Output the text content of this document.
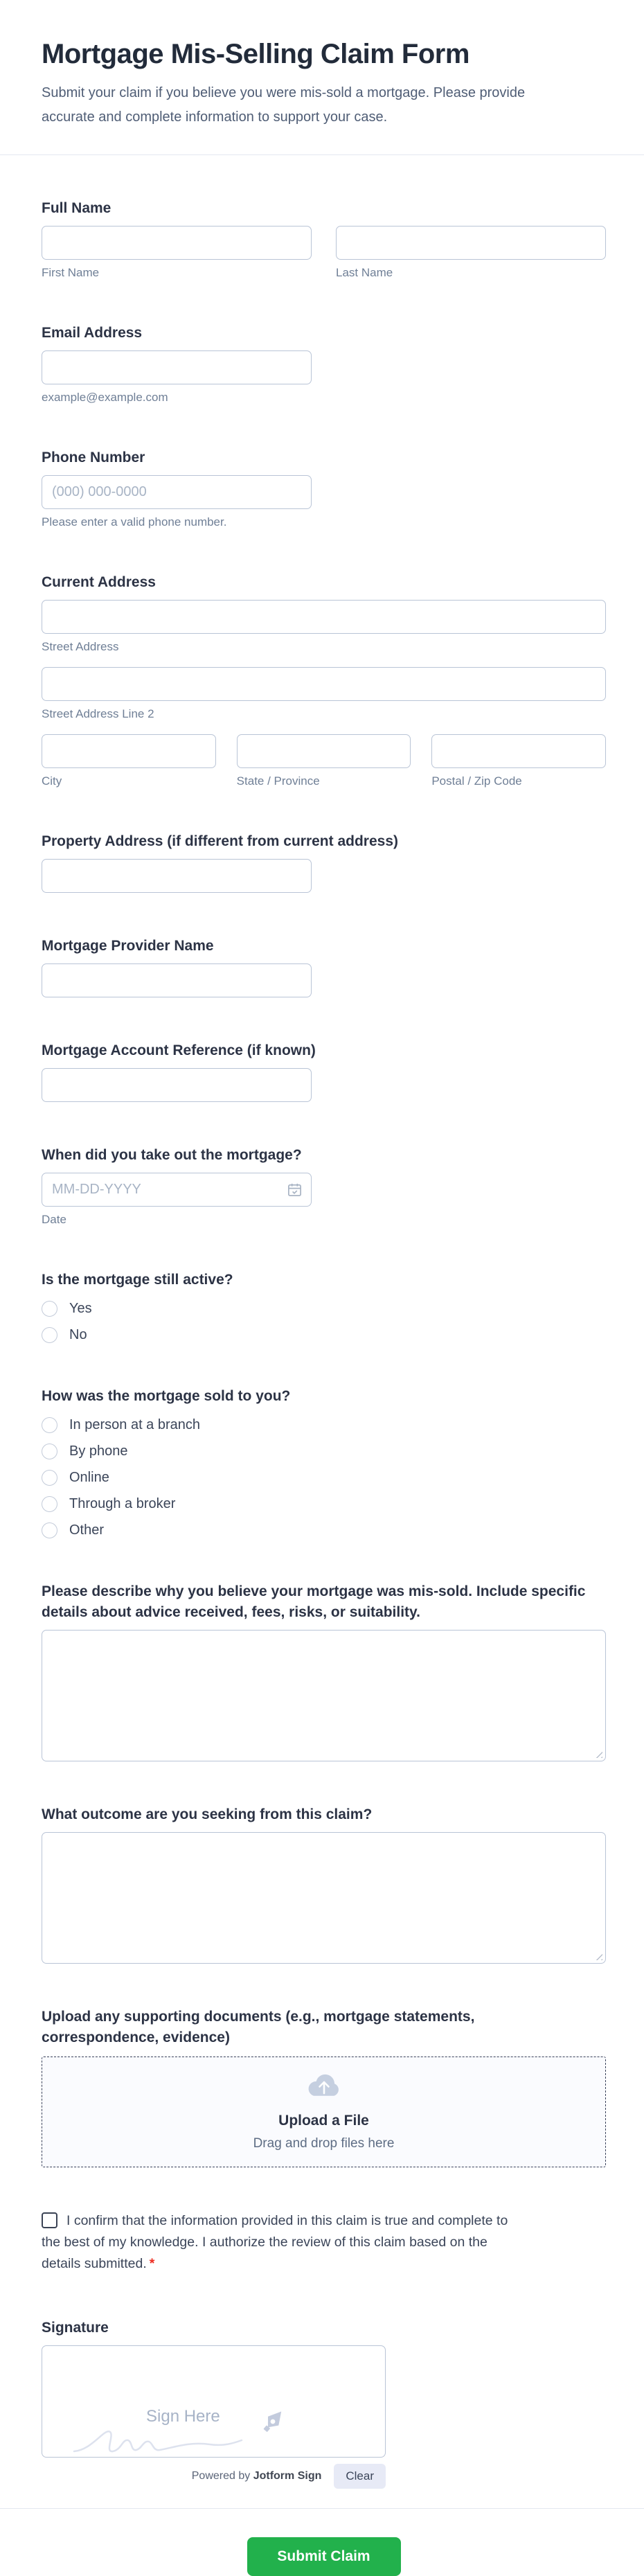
Mortgage Mis-Selling Claim Form
Submit your claim if you believe you were mis-sold a mortgage. Please provide accurate and complete information to support your case.
Full Name
First Name	Last Name
Email Address
example@example.com
Phone Number
(000) 000-0000
Please enter a valid phone number.
Current Address
Street Address
Street Address Line 2
City	State / Province	Postal / Zip Code
Property Address (if different from current address)
Mortgage Provider Name
Mortgage Account Reference (if known)
When did you take out the mortgage?
MM-DD-YYYY
Date
Is the mortgage still active?
Yes
No
How was the mortgage sold to you?
In person at a branch
By phone
Online
Through a broker
Other
Please describe why you believe your mortgage was mis-sold. Include specific details about advice received, fees, risks, or suitability.
What outcome are you seeking from this claim?
Upload any supporting documents (e.g., mortgage statements, correspondence, evidence)
Upload a File
Drag and drop files here
I confirm that the information provided in this claim is true and complete to the best of my knowledge. I authorize the review of this claim based on the details submitted. *
Signature
Sign Here
Powered by Jotform Sign	Clear
Submit Claim
